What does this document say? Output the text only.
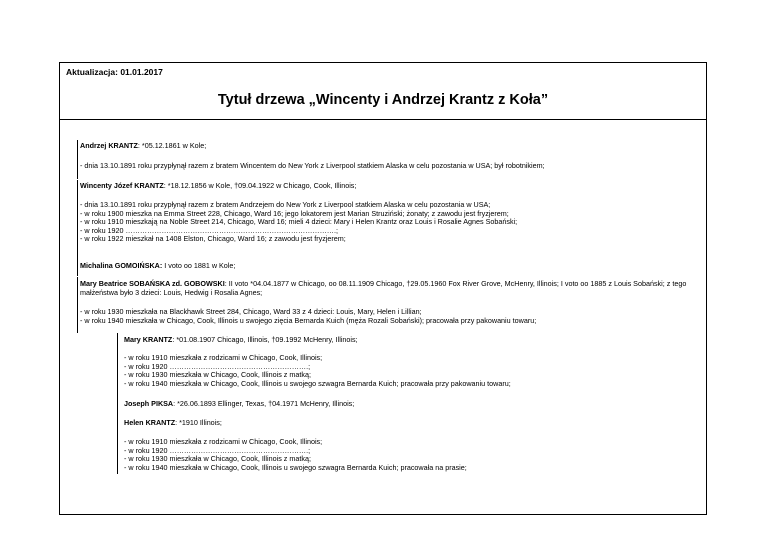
Aktualizacja: 01.01.2017
Tytuł drzewa „Wincenty i Andrzej Krantz z Koła”
Andrzej KRANTZ: *05.12.1861 w Kole;
- dnia 13.10.1891 roku przypłynął razem z bratem Wincentem do New York z Liverpool statkiem Alaska w celu pozostania w USA; był robotnikiem;
Wincenty Józef KRANTZ: *18.12.1856 w Kole, †09.04.1922 w Chicago, Cook, Illinois;
- dnia 13.10.1891 roku przypłynął razem z bratem Andrzejem do New York z Liverpool statkiem Alaska w celu pozostania w USA;
- w roku 1900 mieszka na Emma Street 228, Chicago, Ward 16; jego lokatorem jest Marian Struziński; żonaty; z zawodu jest fryzjerem;
- w roku 1910 mieszkają na Noble Street 214, Chicago, Ward 16; mieli 4 dzieci: Mary i Helen Krantz oraz Louis i Rosalie Agnes Sobański;
- w roku 1920 …………………………………………………………………………….;
- w roku 1922 mieszkał na 1408 Elston, Chicago, Ward 16; z zawodu jest fryzjerem;
Michalina GOMOIŃSKA: I voto oo 1881 w Kole;
Mary Beatrice SOBAŃSKA zd. GOBOWSKI: II voto *04.04.1877 w Chicago, oo 08.11.1909 Chicago, †29.05.1960 Fox River Grove, McHenry, Illinois; I voto oo 1885 z Louis Sobański; z tego małżeństwa było 3 dzieci: Louis, Hedwig i Rosalia Agnes;
- w roku 1930 mieszkała na Blackhawk Street 284, Chicago, Ward 33 z 4 dzieci: Louis, Mary, Helen i Lillian;
- w roku 1940 mieszkała w Chicago, Cook, Illinois u swojego zięcia Bernarda Kuich (męża Rozali Sobański); pracowała przy pakowaniu towaru;
Mary KRANTZ: *01.08.1907 Chicago, Illinois, †09.1992 McHenry, Illinois;
- w roku 1910 mieszkała z rodzicami w Chicago, Cook, Illinois;
- w roku 1920 ………………………………………………….;
- w roku 1930 mieszkała w Chicago, Cook, Illinois z matką;
- w roku 1940 mieszkała w Chicago, Cook, Illinois u swojego szwagra Bernarda Kuich; pracowała przy pakowaniu towaru;
Joseph PIKSA: *26.06.1893 Ellinger, Texas, †04.1971 McHenry, Illinois;
Helen KRANTZ: *1910 Illinois;
- w roku 1910 mieszkała z rodzicami w Chicago, Cook, Illinois;
- w roku 1920 ………………………………………………….;
- w roku 1930 mieszkała w Chicago, Cook, Illinois z matką;
- w roku 1940 mieszkała w Chicago, Cook, Illinois u swojego szwagra Bernarda Kuich; pracowała na prasie;
